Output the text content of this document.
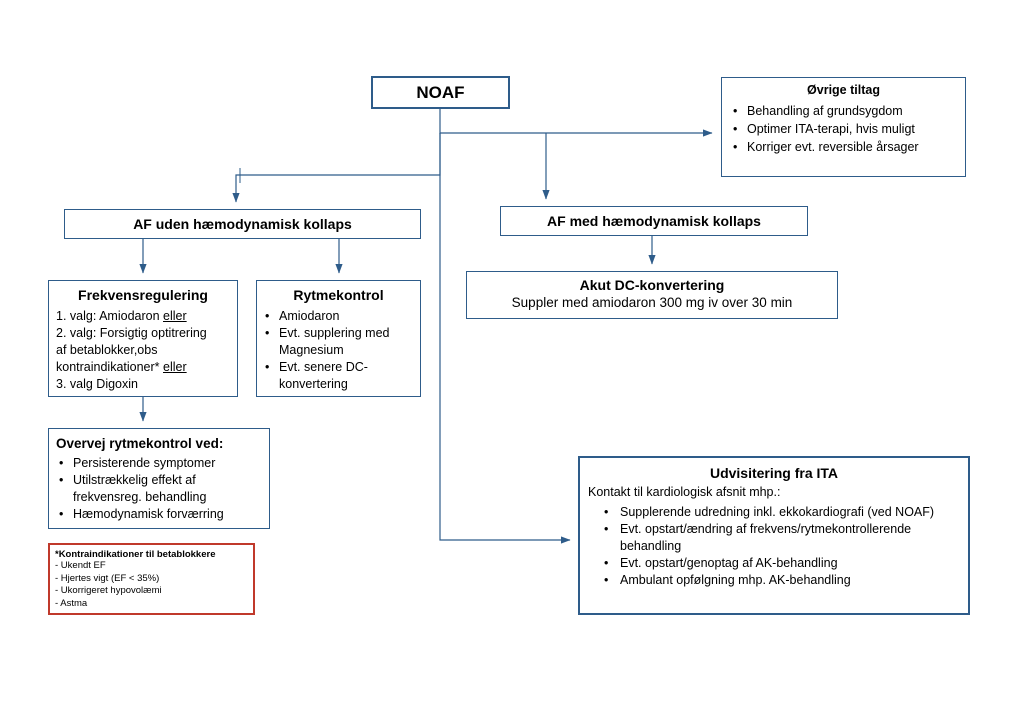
NOAF	Øvrige tiltag
• Behandling af grundsygdom
• Optimer ITA-terapi, hvis muligt
• Korriger evt. reversible årsager
AF uden hæmodynamisk kollaps	AF med hæmodynamisk kollaps
Frekvensregulering
1. valg: Amiodaron eller
2. valg: Forsigtig optitrering
af betablokker,obs
kontraindikationer* eller
3. valg Digoxin
Rytmekontrol
• Amiodaron
• Evt. supplering med Magnesium
• Evt. senere DC-konvertering
Akut DC-konvertering
Suppler med amiodaron 300 mg iv over 30 min
Overvej rytmekontrol ved:
• Persisterende symptomer
• Utilstrækkelig effekt af frekvensreg. behandling
• Hæmodynamisk forværring
*Kontraindikationer til betablokkere
- Ukendt EF
- Hjertes vigt (EF < 35%)
- Ukorrigeret hypovolæmi
- Astma
Udvisitering fra ITA
Kontakt til kardiologisk afsnit mhp.:
• Supplerende udredning inkl. ekkokardiografi (ved NOAF)
• Evt. opstart/ændring af frekvens/rytmekontrollerende behandling
• Evt. opstart/genoptag af AK-behandling
• Ambulant opfølgning mhp. AK-behandling
